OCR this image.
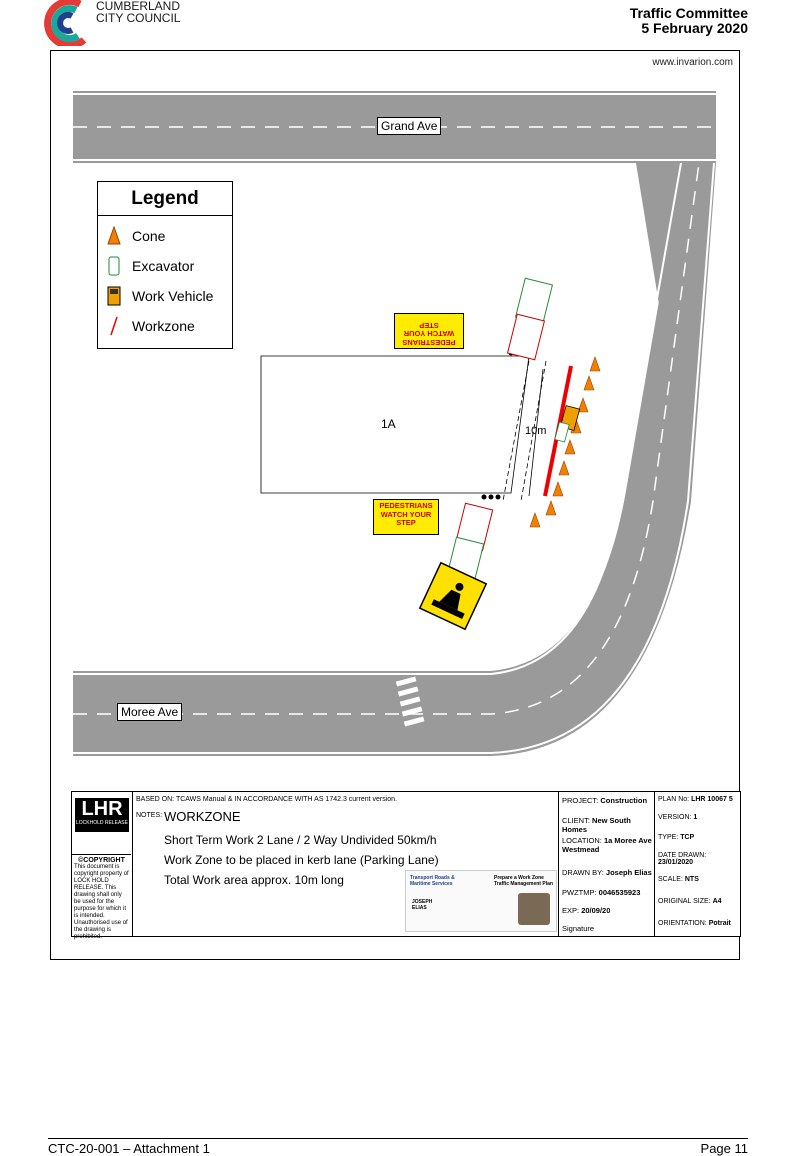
CUMBERLAND
CITY COUNCIL	Traffic Committee
5 February 2020
www.invarion.com
Grand Ave
Moree Ave
1A	10m
PEDESTRIANS
WATCH YOUR
STEP
PEDESTRIANS
WATCH YOUR
STEP
Legend
Cone
Excavator
Work Vehicle
Workzone
LHR
LOCKHOLD RELEASE
©COPYRIGHT
This document is copyright property of LOCK HOLD RELEASE. This drawing shall only be used for the purpose for which it is intended. Unauthorised use of the drawing is prohibited.
BASED ON: TCAWS Manual & IN ACCORDANCE WITH AS 1742.3 current version.
NOTES: WORKZONE
Short Term Work 2 Lane / 2 Way Undivided 50km/h
Work Zone to be placed in kerb lane (Parking Lane)
Total Work area approx. 10m long	Transport Roads & Maritime Services
Prepare a Work Zone Traffic Management Plan
JOSEPH
ELIAS
PROJECT: Construction
CLIENT: New South Homes
LOCATION: 1a Moree Ave Westmead
DRAWN BY: Joseph Elias
PWZTMP: 0046535923
EXP: 20/09/20
Signature
PLAN No: LHR 10067 5
VERSION: 1
TYPE: TCP
DATE DRAWN: 23/01/2020
SCALE: NTS
ORIGINAL SIZE: A4
ORIENTATION: Potrait
CTC-20-001 – Attachment 1	Page 11
